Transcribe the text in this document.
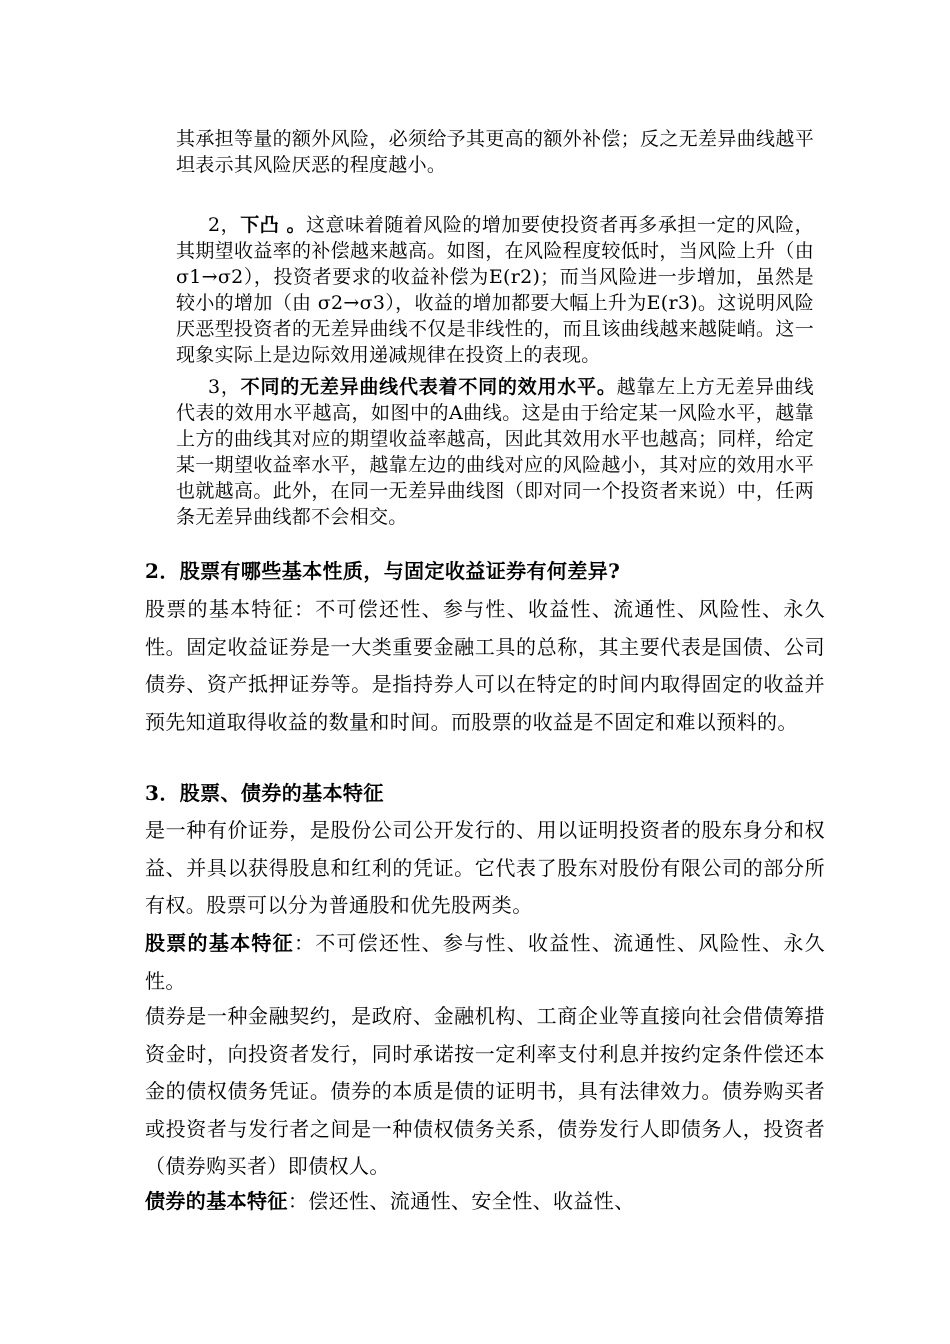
其承担等量的额外风险，必须给予其更高的额外补偿；反之无差异曲线越平坦表示其风险厌恶的程度越小。

2，下凸 。这意味着随着风险的增加要使投资者再多承担一定的风险，其期望收益率的补偿越来越高。如图，在风险程度较低时，当风险上升（由 σ1→σ2），投资者要求的收益补偿为E(r2)；而当风险进一步增加，虽然是较小的增加（由 σ2→σ3），收益的增加都要大幅上升为E(r3)。这说明风险厌恶型投资者的无差异曲线不仅是非线性的，而且该曲线越来越陡峭。这一现象实际上是边际效用递减规律在投资上的表现。

3，不同的无差异曲线代表着不同的效用水平。越靠左上方无差异曲线代表的效用水平越高，如图中的A曲线。这是由于给定某一风险水平，越靠上方的曲线其对应的期望收益率越高，因此其效用水平也越高；同样，给定某一期望收益率水平，越靠左边的曲线对应的风险越小，其对应的效用水平也就越高。此外，在同一无差异曲线图（即对同一个投资者来说）中，任两条无差异曲线都不会相交。

2．股票有哪些基本性质，与固定收益证券有何差异?

股票的基本特征：不可偿还性、参与性、收益性、流通性、风险性、永久性。固定收益证券是一大类重要金融工具的总称，其主要代表是国债、公司债券、资产抵押证券等。是指持券人可以在特定的时间内取得固定的收益并预先知道取得收益的数量和时间。而股票的收益是不固定和难以预料的。

3．股票、债券的基本特征

是一种有价证券，是股份公司公开发行的、用以证明投资者的股东身分和权益、并具以获得股息和红利的凭证。它代表了股东对股份有限公司的部分所有权。股票可以分为普通股和优先股两类。

股票的基本特征：不可偿还性、参与性、收益性、流通性、风险性、永久性。

债券是一种金融契约，是政府、金融机构、工商企业等直接向社会借债筹措资金时，向投资者发行，同时承诺按一定利率支付利息并按约定条件偿还本金的债权债务凭证。债券的本质是债的证明书，具有法律效力。债券购买者或投资者与发行者之间是一种债权债务关系，债券发行人即债务人，投资者（债券购买者）即债权人。

债券的基本特征：偿还性、流通性、安全性、收益性、
